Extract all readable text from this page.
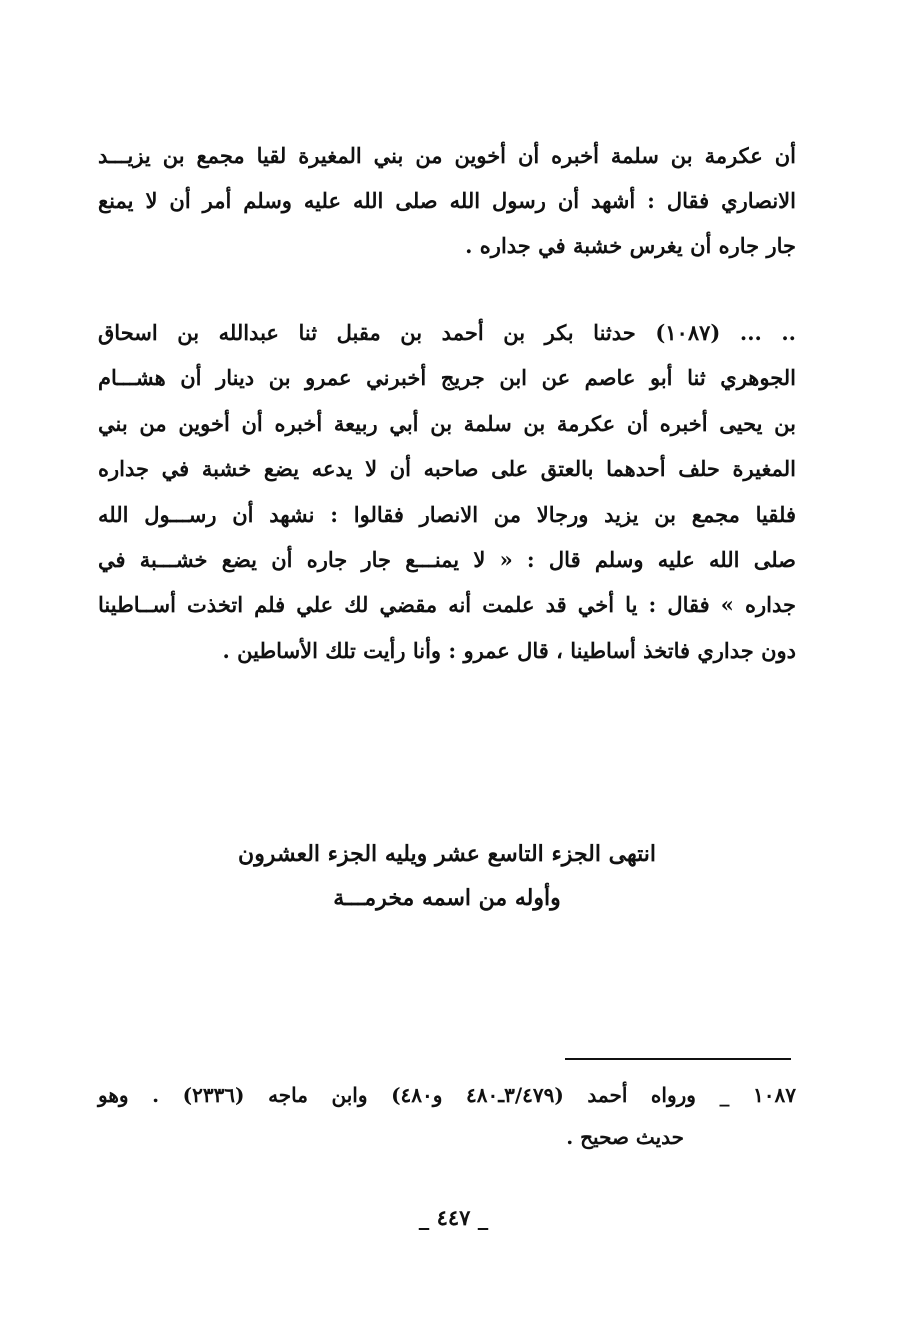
أن عكرمة بن سلمة أخبره أن أخوين من بني المغيرة لقيا مجمع بن يزيـــد
الانصاري فقال : أشهد أن رسول الله صلى الله عليه وسلم أمر أن لا يمنع
جار جاره أن يغرس خشبة في جداره .
.. ... (١٠٨٧) حدثنا بكر بن أحمد بن مقبل ثنا عبدالله بن اسحاق
الجوهري ثنا أبو عاصم عن ابن جريج أخبرني عمرو بن دينار أن هشـــام
بن يحيى أخبره أن عكرمة بن سلمة بن أبي ربيعة أخبره أن أخوين من بني
المغيرة حلف أحدهما بالعتق على صاحبه أن لا يدعه يضع خشبة في جداره
فلقيا مجمع بن يزيد ورجالا من الانصار فقالوا : نشهد أن رســـول الله
صلى الله عليه وسلم قال : « لا يمنـــع جار جاره أن يضع خشـــبة في
جداره » فقال : يا أخي قد علمت أنه مقضي لك علي فلم اتخذت أســاطينا
دون جداري فاتخذ أساطينا ، قال عمرو : وأنا رأيت تلك الأساطين .
انتهى الجزء التاسع عشر ويليه الجزء العشرون
وأوله من اسمه مخرمـــة
١٠٨٧ _ ورواه أحمد (٣/٤٧٩ـ٤٨٠ و٤٨٠) وابن ماجه (٢٣٣٦) . وهو
حديث صحيح .
_ ٤٤٧ _
